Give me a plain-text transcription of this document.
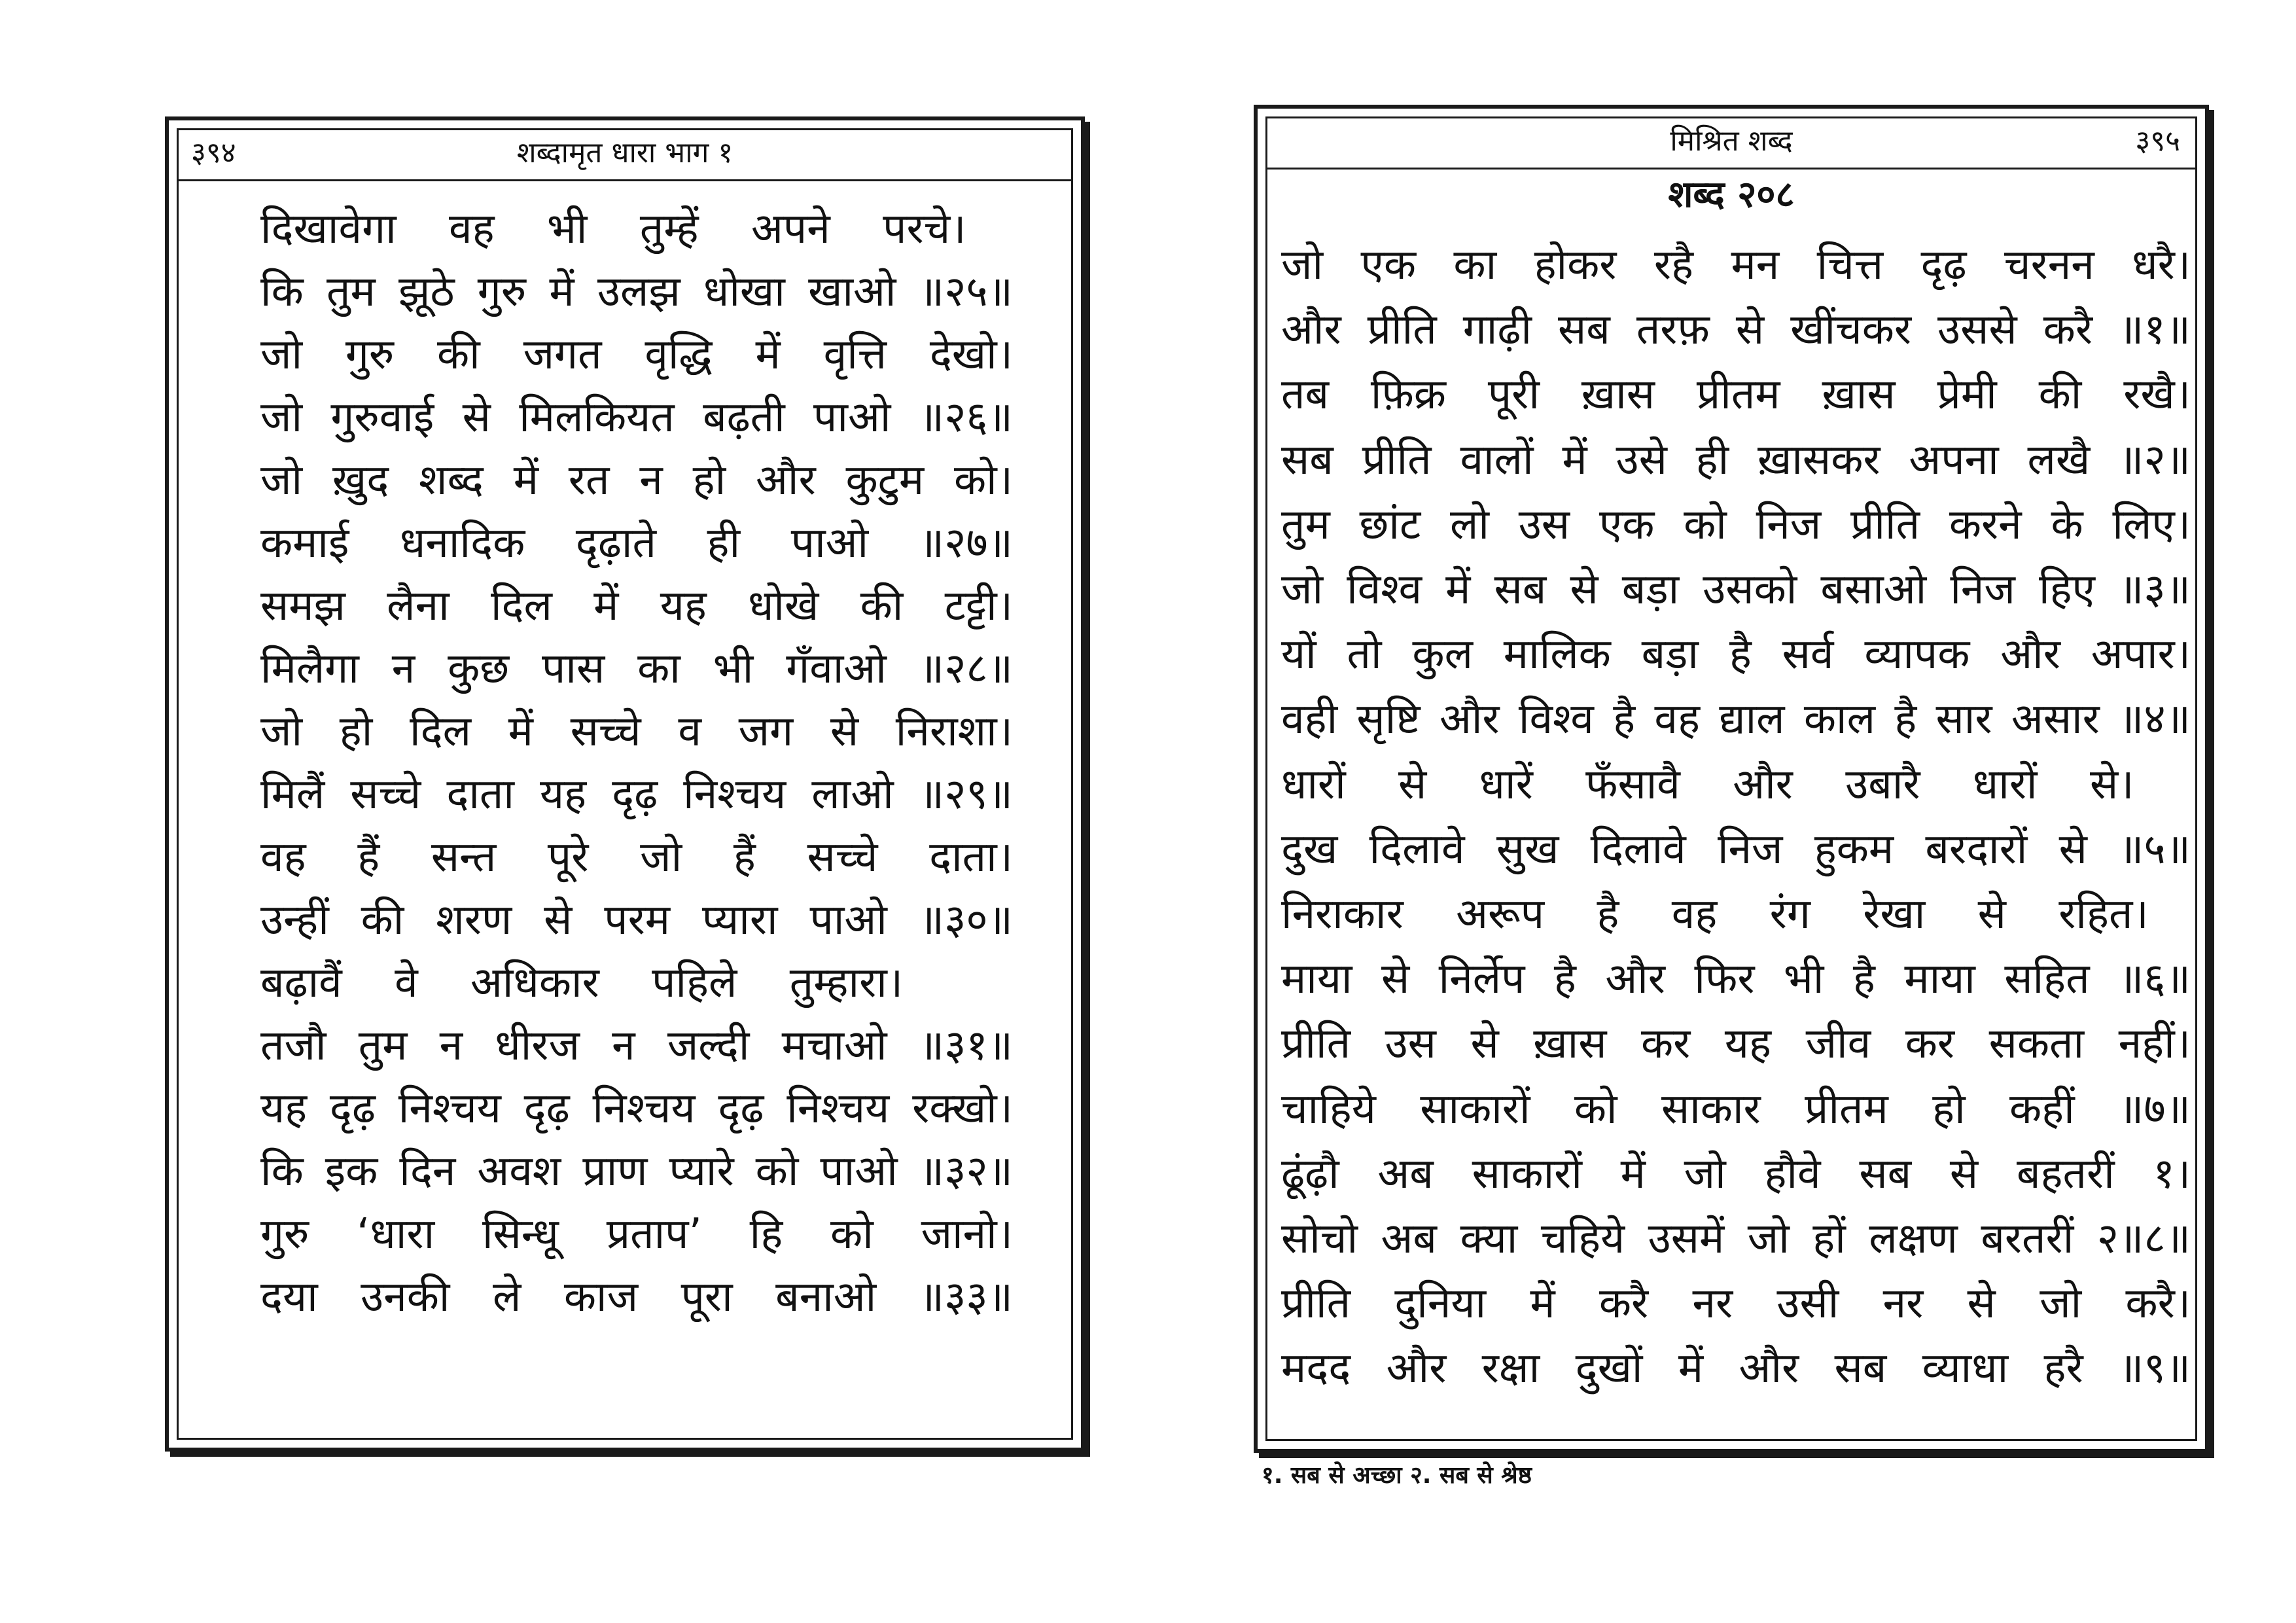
३९४	शब्दामृत धारा भाग १
दिखावेगा वह भी तुम्हें अपने परचे।
कि तुम झूठे गुरु में उलझ धोखा खाओ ॥२५॥
जो गुरु की जगत वृद्धि में वृत्ति देखो।
जो गुरुवाई से मिलकियत बढ़ती पाओ ॥२६॥
जो ख़ुद शब्द में रत न हो और कुटुम को।
कमाई धनादिक दृढ़ाते ही पाओ ॥२७॥
समझ लैना दिल में यह धोखे की टट्टी।
मिलैगा न कुछ पास का भी गँवाओ ॥२८॥
जो हो दिल में सच्चे व जग से निराशा।
मिलैं सच्चे दाता यह दृढ़ निश्चय लाओ ॥२९॥
वह हैं सन्त पूरे जो हैं सच्चे दाता।
उन्हीं की शरण से परम प्यारा पाओ ॥३०॥
बढ़ावैं वे अधिकार पहिले तुम्हारा।
तजौ तुम न धीरज न जल्दी मचाओ ॥३१॥
यह दृढ़ निश्चय दृढ़ निश्चय दृढ़ निश्चय रक्खो।
कि इक दिन अवश प्राण प्यारे को पाओ ॥३२॥
गुरु ‘धारा सिन्धू प्रताप’ हि को जानो।
दया उनकी ले काज पूरा बनाओ ॥३३॥
मिश्रित शब्द	३९५
शब्द २०८
जो एक का होकर रहै मन चित्त दृढ़ चरनन धरै।
और प्रीति गाढ़ी सब तरफ़ से खींचकर उससे करै ॥१॥
तब फ़िक्र पूरी ख़ास प्रीतम ख़ास प्रेमी की रखै।
सब प्रीति वालों में उसे ही ख़ासकर अपना लखै ॥२॥
तुम छांट लो उस एक को निज प्रीति करने के लिए।
जो विश्व में सब से बड़ा उसको बसाओ निज हिए ॥३॥
यों तो कुल मालिक बड़ा है सर्व व्यापक और अपार।
वही सृष्टि और विश्व है वह द्याल काल है सार असार ॥४॥
धारों से धारें फँसावै और उबारै धारों से।
दुख दिलावे सुख दिलावे निज हुकम बरदारों से ॥५॥
निराकार अरूप है वह रंग रेखा से रहित।
माया से निर्लेप है और फिर भी है माया सहित ॥६॥
प्रीति उस से ख़ास कर यह जीव कर सकता नहीं।
चाहिये साकारों को साकार प्रीतम हो कहीं ॥७॥
ढूंढ़ौ अब साकारों में जो हौवे सब से बहतरीं १।
सोचो अब क्या चहिये उसमें जो हों लक्षण बरतरीं २॥८॥
प्रीति दुनिया में करै नर उसी नर से जो करै।
मदद और रक्षा दुखों में और सब व्याधा हरै ॥९॥
१. सब से अच्छा २. सब से श्रेष्ठ
